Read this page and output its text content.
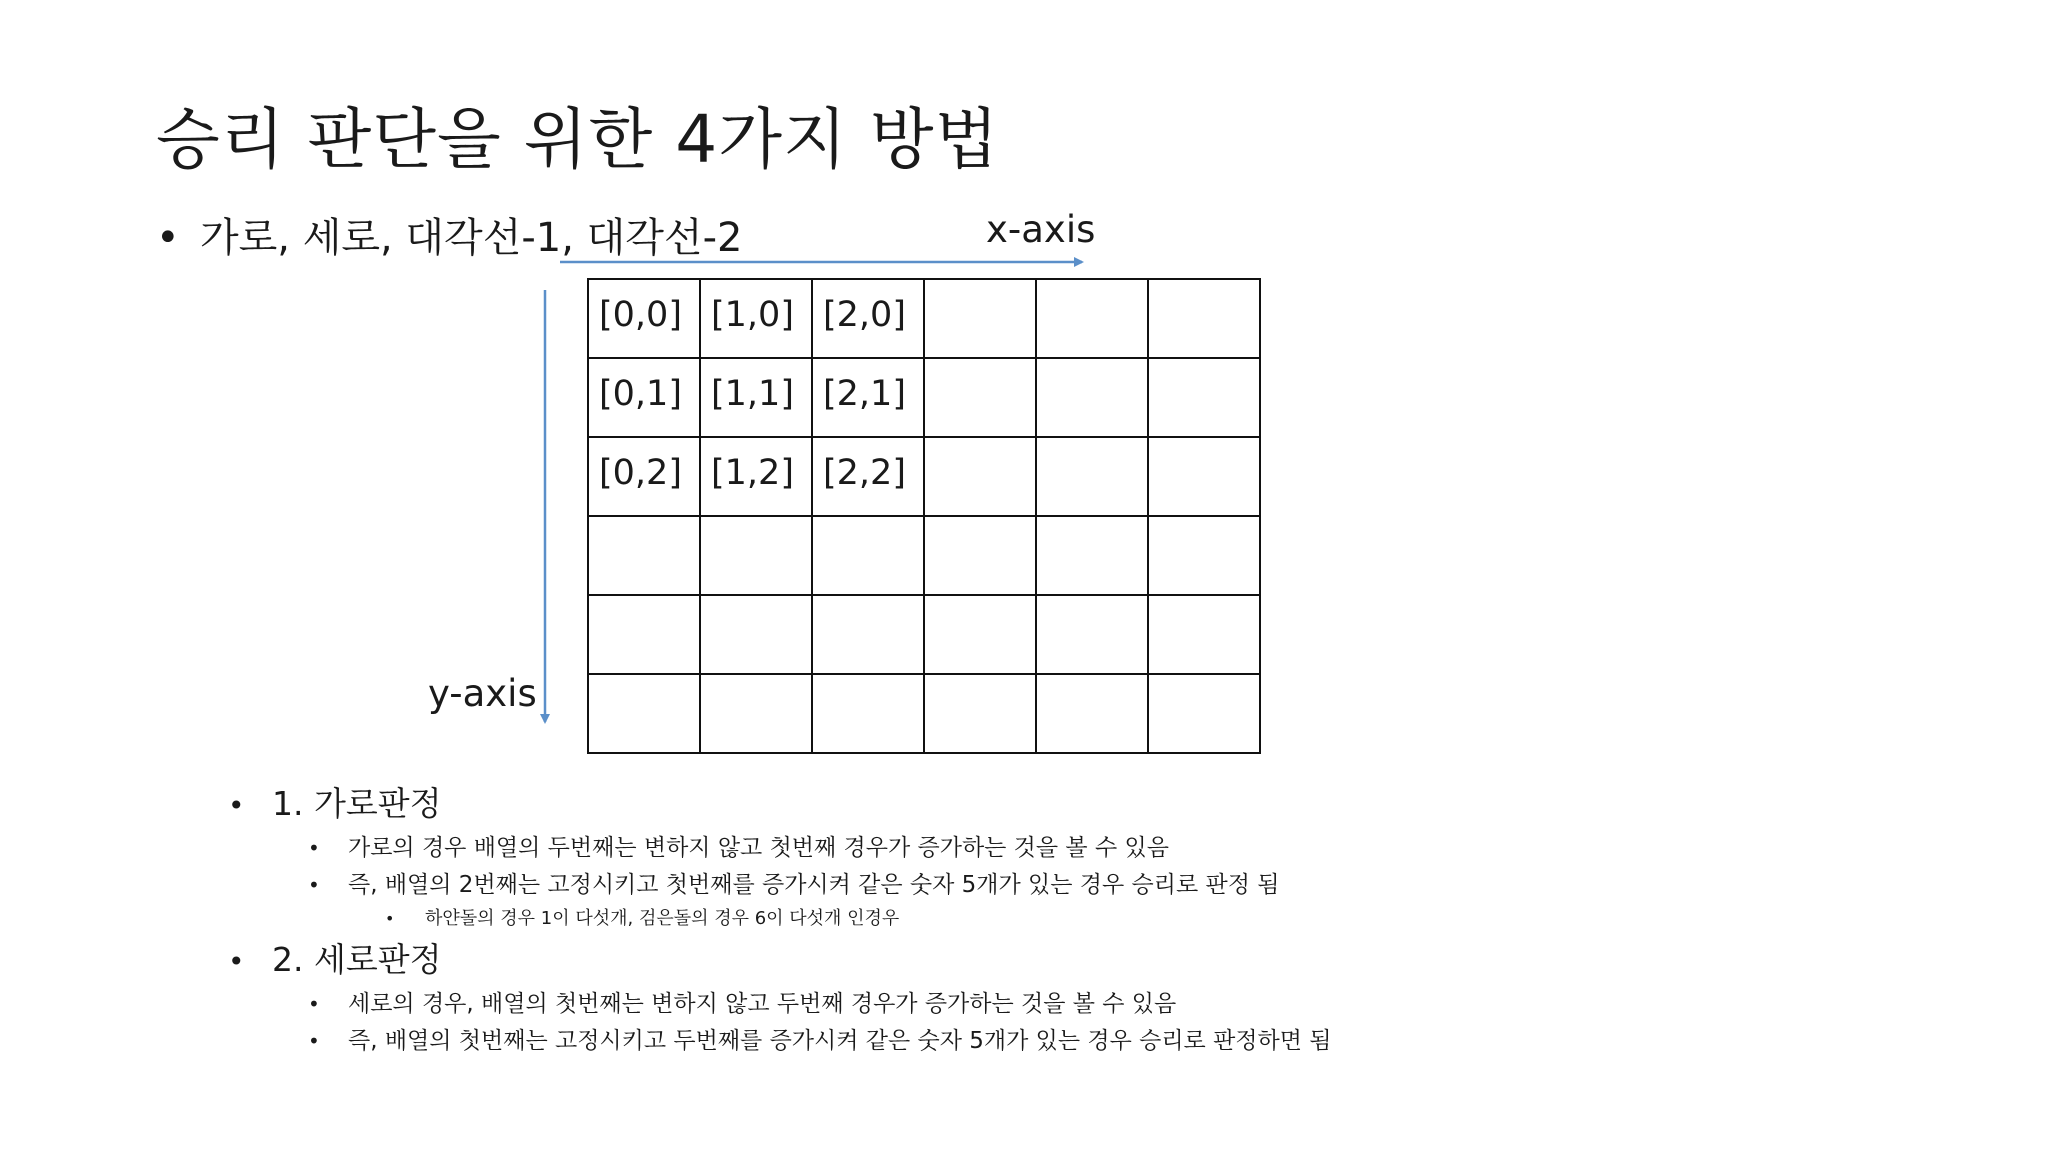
승리 판단을 위한 4가지 방법
• 가로, 세로, 대각선-1, 대각선-2	x-axis
y-axis
[0,0]	[1,0]	[2,0]			
[0,1]	[1,1]	[2,1]			
[0,2]	[1,2]	[2,2]			

• 1. 가로판정
• 가로의 경우 배열의 두번째는 변하지 않고 첫번째 경우가 증가하는 것을 볼 수 있음
• 즉, 배열의 2번째는 고정시키고 첫번째를 증가시켜 같은 숫자 5개가 있는 경우 승리로 판정 됨
• 하얀돌의 경우 1이 다섯개, 검은돌의 경우 6이 다섯개 인경우
• 2. 세로판정
• 세로의 경우, 배열의 첫번째는 변하지 않고 두번째 경우가 증가하는 것을 볼 수 있음
• 즉, 배열의 첫번째는 고정시키고 두번째를 증가시켜 같은 숫자 5개가 있는 경우 승리로 판정하면 됨
